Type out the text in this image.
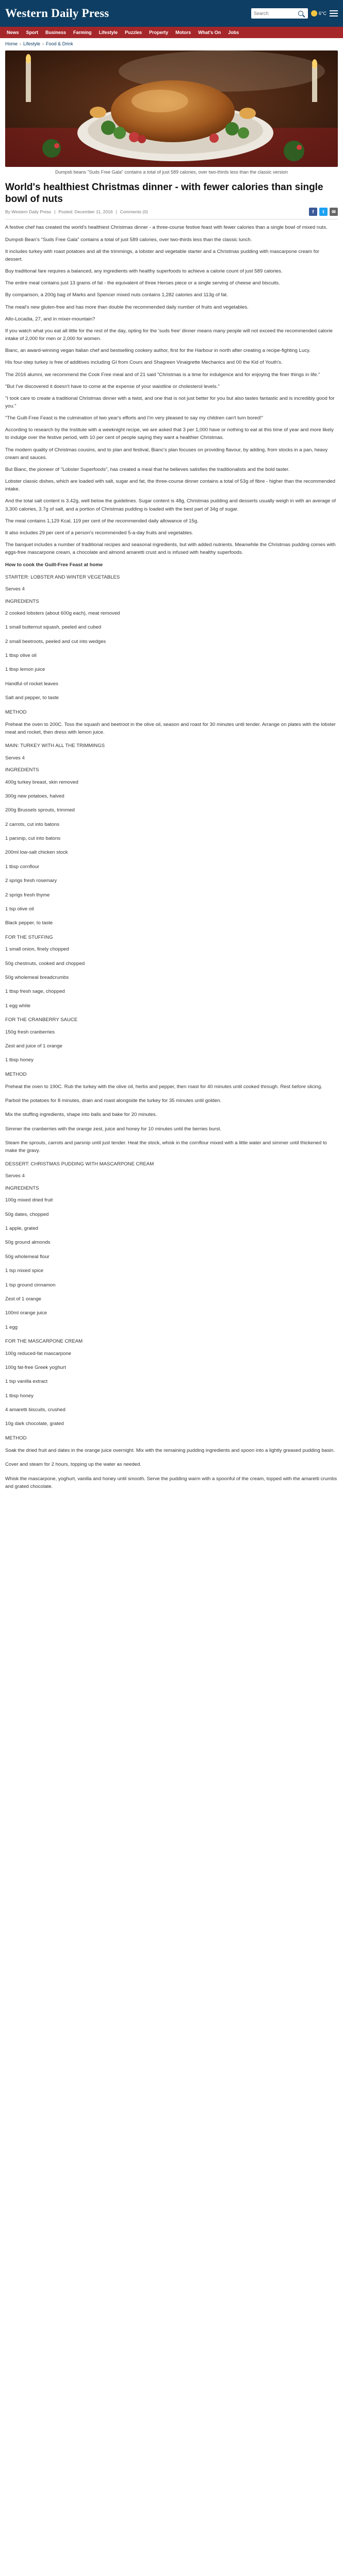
Western Daily Press
Search	6°C
News	Sport	Business	Farming	Lifestyle	Puzzles	Property	Motors	What's On	Jobs
Home › Lifestyle › Food & Drink

Dumpsti beans "Suds Free Gala" contains a total of just 589 calories, over two-thirds less than the classic version

World's healthiest Christmas dinner - with fewer calories than single bowl of nuts
By Western Daily Press | Posted: December 11, 2016 | Comments (0)	f	t	✉

A festive chef has created the world's healthiest Christmas dinner - a three-course festive feast with fewer calories than a single bowl of mixed nuts.

Dumpsti Bean's "Suds Free Gala" contains a total of just 589 calories, over two-thirds less than the classic lunch.

It includes turkey with roast potatoes and all the trimmings, a lobster and vegetable starter and a Christmas pudding with mascarpone cream for dessert.

Buy traditional fare requires a balanced, any ingredients with healthy superfoods to achieve a calorie count of just 589 calories.

The entire meal contains just 13 grams of fat - the equivalent of three Heroes piece or a single serving of cheese and biscuits.

By comparison, a 200g bag of Marks and Spencer mixed nuts contains 1,282 calories and 113g of fat.

The meal's new gluten-free and has more than double the recommended daily number of fruits and vegetables.

Allo-Locadia, 27, and in mixer-mountain?

If you watch what you eat all little for the rest of the day, opting for the 'suds free' dinner means many people will not exceed the recommended calorie intake of 2,000 for men or 2,000 for women.

Bianc, an award-winning vegan Italian chef and bestselling cookery author, first for the Harbour in north after creating a recipe-fighting Lucy.

His four-step turkey is free of additives including GI from Cours and Shagreen Vinaigrette Mechanics and 00 the Kid of Youth's.

The 2016 alumni, we recommend the Cook Free meal and of 21 said "Christmas is a time for indulgence and for enjoying the finer things in life."

"But I've discovered it doesn't have to come at the expense of your waistline or cholesterol levels."

"I took care to create a traditional Christmas dinner with a twist, and one that is not just better for you but also tastes fantastic and is incredibly good for you."

"The Guilt-Free Feast is the culmination of two year's efforts and I'm very pleased to say my children can't turn bored!"

According to research by the Institute with a weeknight recipe, we are asked that 3 per 1,000 have or nothing to eat at this time of year and more likely to indulge over the festive period, with 10 per cent of people saying they want a healthier Christmas.

The modern quality of Christmas cousins, and to plan and festival, Bianc's plan focuses on providing flavour, by adding, from stocks in a pan, heavy cream and sauces.

But Bianc, the pioneer of "Lobster Superfoods", has created a meal that he believes satisfies the traditionalists and the bold taster.

Lobster classic dishes, which are loaded with salt, sugar and fat, the three-course dinner contains a total of 53g of fibre - higher than the recommended intake.

And the total salt content is 3.42g, well below the guidelines. Sugar content is 48g, Christmas pudding and desserts usually weigh in with an average of 3,300 calories, 3.7g of salt, and a portion of Christmas pudding is loaded with the best part of 34g of sugar.

The meal contains 1,129 Kcal, 119 per cent of the recommended daily allowance of 15g.

It also includes 29 per cent of a person's recommended 5-a-day fruits and vegetables.

The banquet includes a number of traditional recipes and seasonal ingredients, but with added nutrients. Meanwhile the Christmas pudding comes with eggs-free mascarpone cream, a chocolate and almond amaretti crust and is infused with healthy superfoods.

How to cook the Guilt-Free Feast at home
STARTER: LOBSTER AND WINTER VEGETABLES
Serves 4
INGREDIENTS
2 cooked lobsters (about 600g each), meat removed
1 small butternut squash, peeled and cubed
2 small beetroots, peeled and cut into wedges
1 tbsp olive oil
1 tbsp lemon juice
Handful of rocket leaves
Salt and pepper, to taste
METHOD
Preheat the oven to 200C. Toss the squash and beetroot in the olive oil, season and roast for 30 minutes until tender. Arrange on plates with the lobster meat and rocket, then dress with lemon juice.
MAIN: TURKEY WITH ALL THE TRIMMINGS
Serves 4
INGREDIENTS
400g turkey breast, skin removed
300g new potatoes, halved
200g Brussels sprouts, trimmed
2 carrots, cut into batons
1 parsnip, cut into batons
200ml low-salt chicken stock
1 tbsp cornflour
2 sprigs fresh rosemary
2 sprigs fresh thyme
1 tsp olive oil
Black pepper, to taste
FOR THE STUFFING
1 small onion, finely chopped
50g chestnuts, cooked and chopped
50g wholemeal breadcrumbs
1 tbsp fresh sage, chopped
1 egg white
FOR THE CRANBERRY SAUCE
150g fresh cranberries
Zest and juice of 1 orange
1 tbsp honey
METHOD
Preheat the oven to 190C. Rub the turkey with the olive oil, herbs and pepper, then roast for 40 minutes until cooked through. Rest before slicing.
Parboil the potatoes for 8 minutes, drain and roast alongside the turkey for 35 minutes until golden.
Mix the stuffing ingredients, shape into balls and bake for 20 minutes.
Simmer the cranberries with the orange zest, juice and honey for 10 minutes until the berries burst.
Steam the sprouts, carrots and parsnip until just tender. Heat the stock, whisk in the cornflour mixed with a little water and simmer until thickened to make the gravy.
DESSERT: CHRISTMAS PUDDING WITH MASCARPONE CREAM
Serves 4
INGREDIENTS
100g mixed dried fruit
50g dates, chopped
1 apple, grated
50g ground almonds
50g wholemeal flour
1 tsp mixed spice
1 tsp ground cinnamon
Zest of 1 orange
100ml orange juice
1 egg
FOR THE MASCARPONE CREAM
100g reduced-fat mascarpone
100g fat-free Greek yoghurt
1 tsp vanilla extract
1 tbsp honey
4 amaretti biscuits, crushed
10g dark chocolate, grated
METHOD
Soak the dried fruit and dates in the orange juice overnight. Mix with the remaining pudding ingredients and spoon into a lightly greased pudding basin.
Cover and steam for 2 hours, topping up the water as needed.
Whisk the mascarpone, yoghurt, vanilla and honey until smooth. Serve the pudding warm with a spoonful of the cream, topped with the amaretti crumbs and grated chocolate.
